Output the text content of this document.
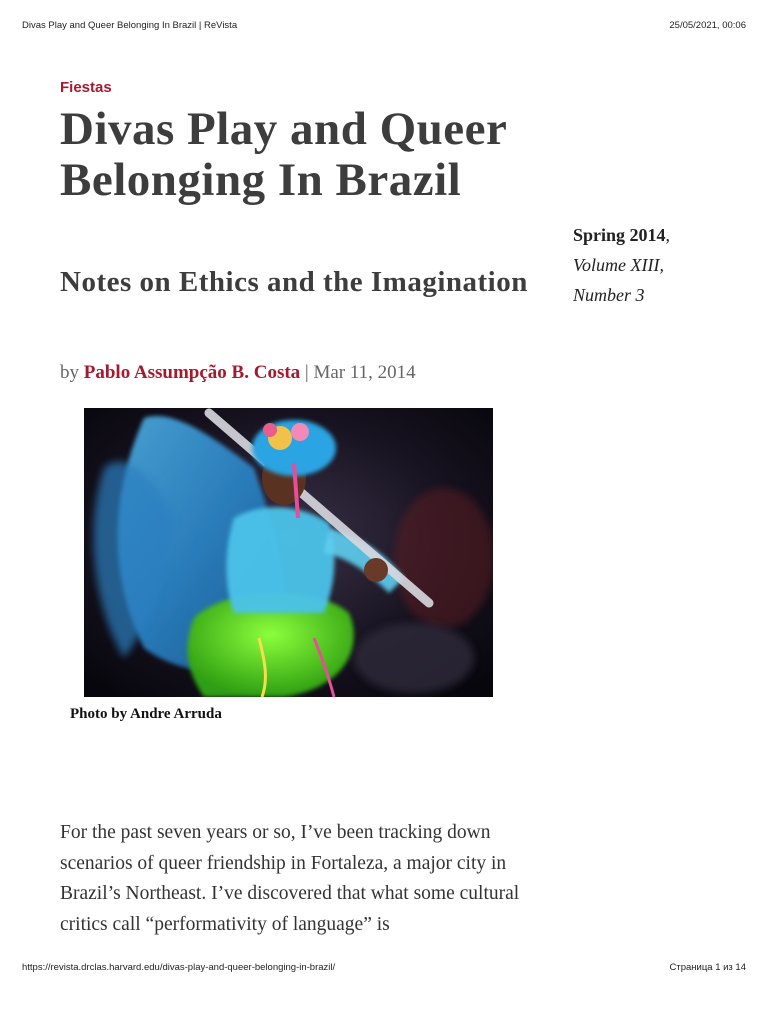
Divas Play and Queer Belonging In Brazil | ReVista	25/05/2021, 00:06
Fiestas
Divas Play and Queer Belonging In Brazil
Notes on Ethics and the Imagination
by Pablo Assumpção B. Costa | Mar 11, 2014
Spring 2014, Volume XIII, Number 3
Photo by Andre Arruda

For the past seven years or so, I’ve been tracking down scenarios of queer friendship in Fortaleza, a major city in Brazil’s Northeast. I’ve discovered that what some cultural critics call “performativity of language” is

https://revista.drclas.harvard.edu/divas-play-and-queer-belonging-in-brazil/	Страница 1 из 14
